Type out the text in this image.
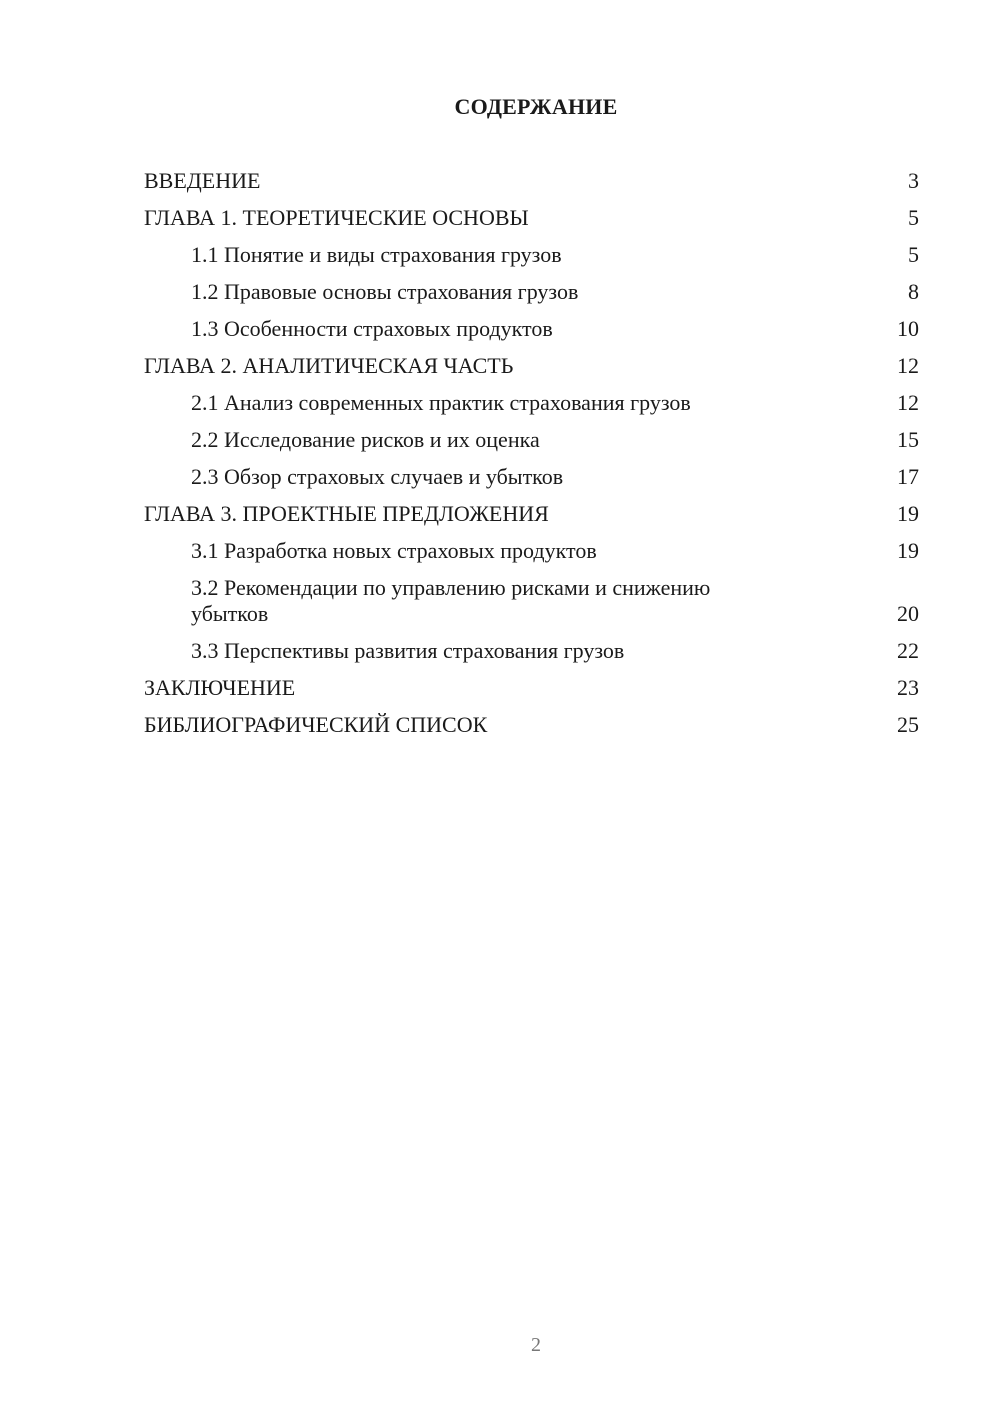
СОДЕРЖАНИЕ
ВВЕДЕНИЕ	3
ГЛАВА 1. ТЕОРЕТИЧЕСКИЕ ОСНОВЫ	5
1.1 Понятие и виды страхования грузов	5
1.2 Правовые основы страхования грузов	8
1.3 Особенности страховых продуктов	10
ГЛАВА 2. АНАЛИТИЧЕСКАЯ ЧАСТЬ	12
2.1 Анализ современных практик страхования грузов	12
2.2 Исследование рисков и их оценка	15
2.3 Обзор страховых случаев и убытков	17
ГЛАВА 3. ПРОЕКТНЫЕ ПРЕДЛОЖЕНИЯ	19
3.1 Разработка новых страховых продуктов	19
3.2 Рекомендации по управлению рисками и снижению убытков	20
3.3 Перспективы развития страхования грузов	22
ЗАКЛЮЧЕНИЕ	23
БИБЛИОГРАФИЧЕСКИЙ СПИСОК	25
2
